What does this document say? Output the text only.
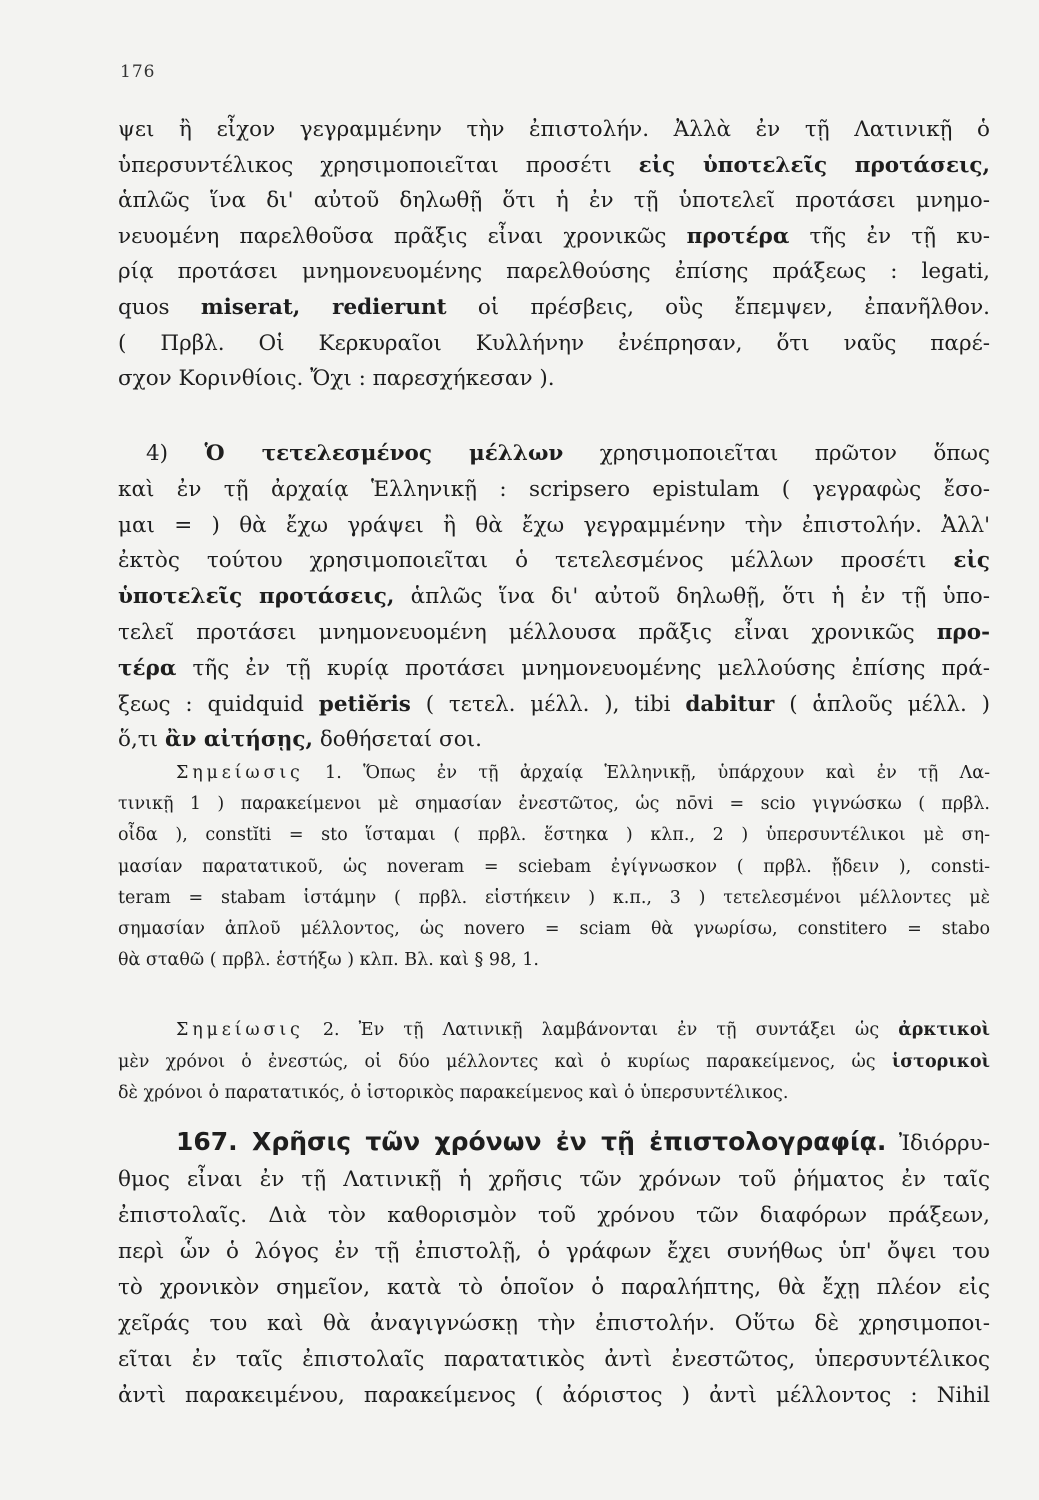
176
ψει ἢ εἶχον γεγραμμένην τὴν ἐπιστολήν. Ἀλλὰ ἐν τῇ Λατινικῇ ὁ
ὑπερσυντέλικος χρησιμοποιεῖται προσέτι εἰς ὑποτελεῖς προτάσεις,
ἁπλῶς ἵνα δι' αὐτοῦ δηλωθῇ ὅτι ἡ ἐν τῇ ὑποτελεῖ προτάσει μνημο-
νευομένη παρελθοῦσα πρᾶξις εἶναι χρονικῶς προτέρα τῆς ἐν τῇ κυ-
ρίᾳ προτάσει μνημονευομένης παρελθούσης ἐπίσης πράξεως : legati,
quos miserat, redierunt οἱ πρέσβεις, οὓς ἔπεμψεν, ἐπανῆλθον.
( Πρβλ. Οἱ Κερκυραῖοι Κυλλήνην ἐνέπρησαν, ὅτι ναῦς παρέ-
σχον Κορινθίοις. Ὄχι : παρεσχήκεσαν ).
4) Ὁ τετελεσμένος μέλλων χρησιμοποιεῖται πρῶτον ὅπως
καὶ ἐν τῇ ἀρχαίᾳ Ἑλληνικῇ : scripsero epistulam ( γεγραφὼς ἔσο-
μαι = ) θὰ ἔχω γράψει ἢ θὰ ἔχω γεγραμμένην τὴν ἐπιστολήν. Ἀλλ'
ἐκτὸς τούτου χρησιμοποιεῖται ὁ τετελεσμένος μέλλων προσέτι εἰς
ὑποτελεῖς προτάσεις, ἁπλῶς ἵνα δι' αὐτοῦ δηλωθῇ, ὅτι ἡ ἐν τῇ ὑπο-
τελεῖ προτάσει μνημονευομένη μέλλουσα πρᾶξις εἶναι χρονικῶς προ-
τέρα τῆς ἐν τῇ κυρίᾳ προτάσει μνημονευομένης μελλούσης ἐπίσης πρά-
ξεως : quidquid petiĕris ( τετελ. μέλλ. ), tibi dabitur ( ἁπλοῦς μέλλ. )
ὅ,τι ἂν αἰτήσῃς, δοθήσεταί σοι.
Σημείωσις 1. Ὅπως ἐν τῇ ἀρχαίᾳ Ἑλληνικῇ, ὑπάρχουν καὶ ἐν τῇ Λα-
τινικῇ 1 ) παρακείμενοι μὲ σημασίαν ἐνεστῶτος, ὡς nōvi = scio γιγνώσκω ( πρβλ.
οἶδα ), constĭti = sto ἵσταμαι ( πρβλ. ἕστηκα ) κλπ., 2 ) ὑπερσυντέλικοι μὲ ση-
μασίαν παρατατικοῦ, ὡς noveram = sciebam ἐγίγνωσκον ( πρβλ. ᾔδειν ), consti-
teram = stabam ἱστάμην ( πρβλ. εἱστήκειν ) κ.π., 3 ) τετελεσμένοι μέλλοντες μὲ
σημασίαν ἁπλοῦ μέλλοντος, ὡς novero = sciam θὰ γνωρίσω, constitero = stabo
θὰ σταθῶ ( πρβλ. ἑστήξω ) κλπ. Βλ. καὶ § 98, 1.
Σημείωσις 2. Ἐν τῇ Λατινικῇ λαμβάνονται ἐν τῇ συντάξει ὡς ἀρκτικοὶ
μὲν χρόνοι ὁ ἐνεστώς, οἱ δύο μέλλοντες καὶ ὁ κυρίως παρακείμενος, ὡς ἱστορικοὶ
δὲ χρόνοι ὁ παρατατικός, ὁ ἱστορικὸς παρακείμενος καὶ ὁ ὑπερσυντέλικος.
167. Χρῆσις τῶν χρόνων ἐν τῇ ἐπιστολογραφίᾳ. Ἰδιόρρυ-
θμος εἶναι ἐν τῇ Λατινικῇ ἡ χρῆσις τῶν χρόνων τοῦ ῥήματος ἐν ταῖς
ἐπιστολαῖς. Διὰ τὸν καθορισμὸν τοῦ χρόνου τῶν διαφόρων πράξεων,
περὶ ὧν ὁ λόγος ἐν τῇ ἐπιστολῇ, ὁ γράφων ἔχει συνήθως ὑπ' ὄψει του
τὸ χρονικὸν σημεῖον, κατὰ τὸ ὁποῖον ὁ παραλήπτης, θὰ ἔχῃ πλέον εἰς
χεῖράς του καὶ θὰ ἀναγιγνώσκῃ τὴν ἐπιστολήν. Οὕτω δὲ χρησιμοποι-
εῖται ἐν ταῖς ἐπιστολαῖς παρατατικὸς ἀντὶ ἐνεστῶτος, ὑπερσυντέλικος
ἀντὶ παρακειμένου, παρακείμενος ( ἀόριστος ) ἀντὶ μέλλοντος : Nihil
